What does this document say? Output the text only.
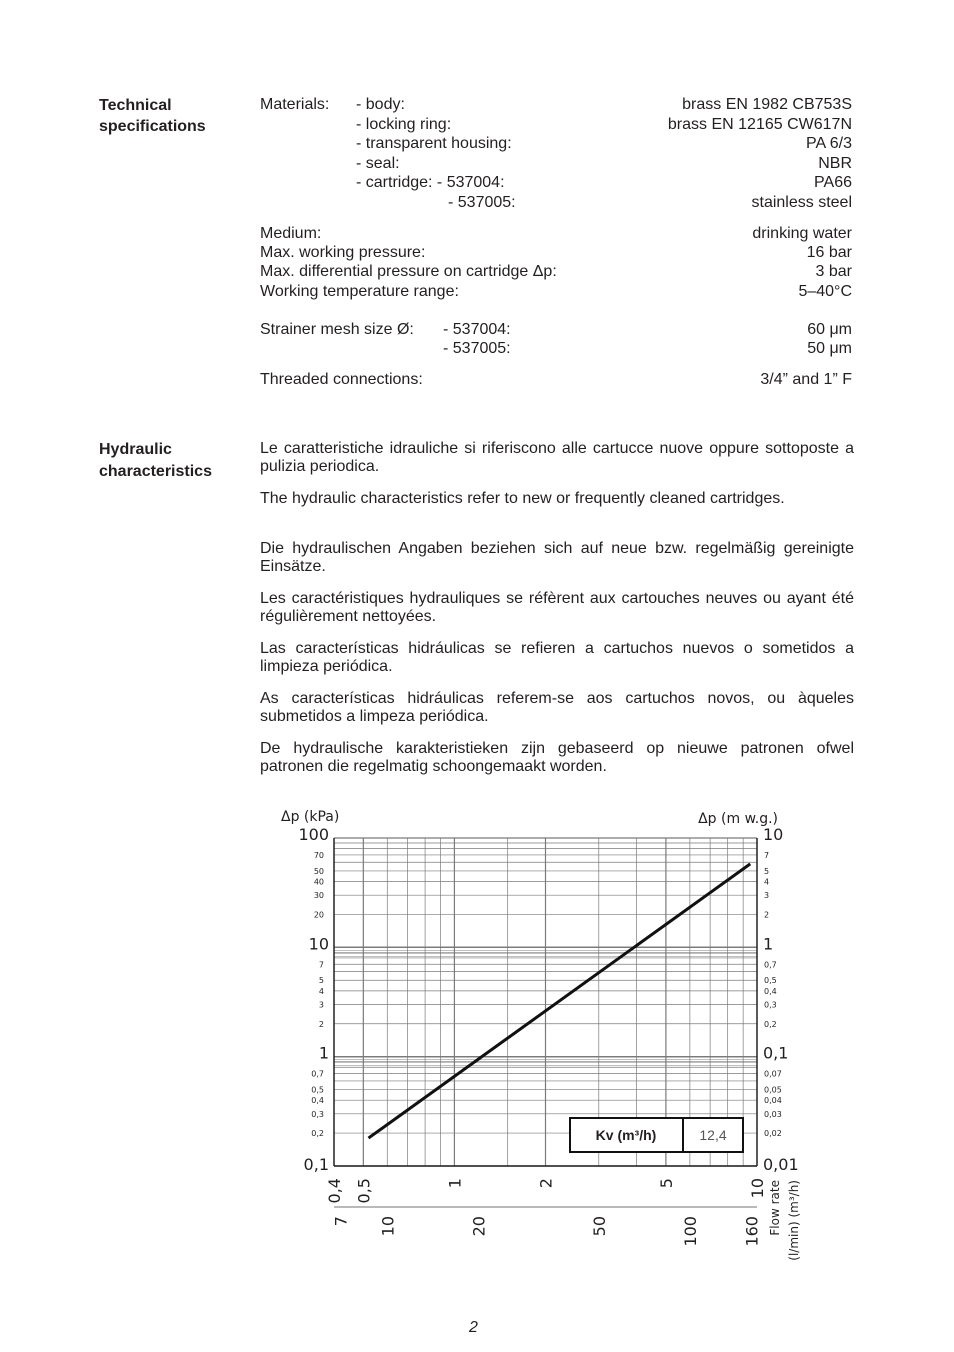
Technical
specifications
Materials: - body:	brass EN 1982 CB753S
- locking ring:	brass EN 12165 CW617N
- transparent housing:	PA 6/3
- seal:	NBR
- cartridge: - 537004:	PA66
- 537005:	stainless steel
Medium:	drinking water
Max. working pressure:	16 bar
Max. differential pressure on cartridge Δp:	3 bar
Working temperature range:	5–40°C
Strainer mesh size Ø: - 537004:	60 μm
- 537005:	50 μm
Threaded connections:	3/4” and 1” F
Hydraulic
characteristics
Le caratteristiche idrauliche si riferiscono alle cartucce nuove oppure sottoposte a pulizia periodica.
The hydraulic characteristics refer to new or frequently cleaned cartridges.
Die hydraulischen Angaben beziehen sich auf neue bzw. regelmäßig gereinigte Einsätze.
Les caractéristiques hydrauliques se réfèrent aux cartouches neuves ou ayant été régulièrement nettoyées.
Las características hidráulicas se refieren a cartuchos nuevos o sometidos a limpieza periódica.
As características hidráulicas referem-se aos cartuchos novos, ou àqueles submetidos a limpeza periódica.
De hydraulische karakteristieken zijn gebaseerd op nieuwe patronen ofwel patronen die regelmatig schoongemaakt worden.
Δp (kPa)	Δp (m w.g.)
100
10
1
0,1
10
1
0,1
0,01
70
50
40
30
20
7
5
4
3
2
0,7
0,5
0,4
0,3
0,2
7
5
4
3
2
0,7
0,5
0,4
0,3
0,2
0,07
0,05
0,04
0,03
0,02
0,4 0,5	1	2	5	10
7 10	20	50	100	160 Flow rate (l/min) (m³/h)
Kv (m³/h)	12,4
2
